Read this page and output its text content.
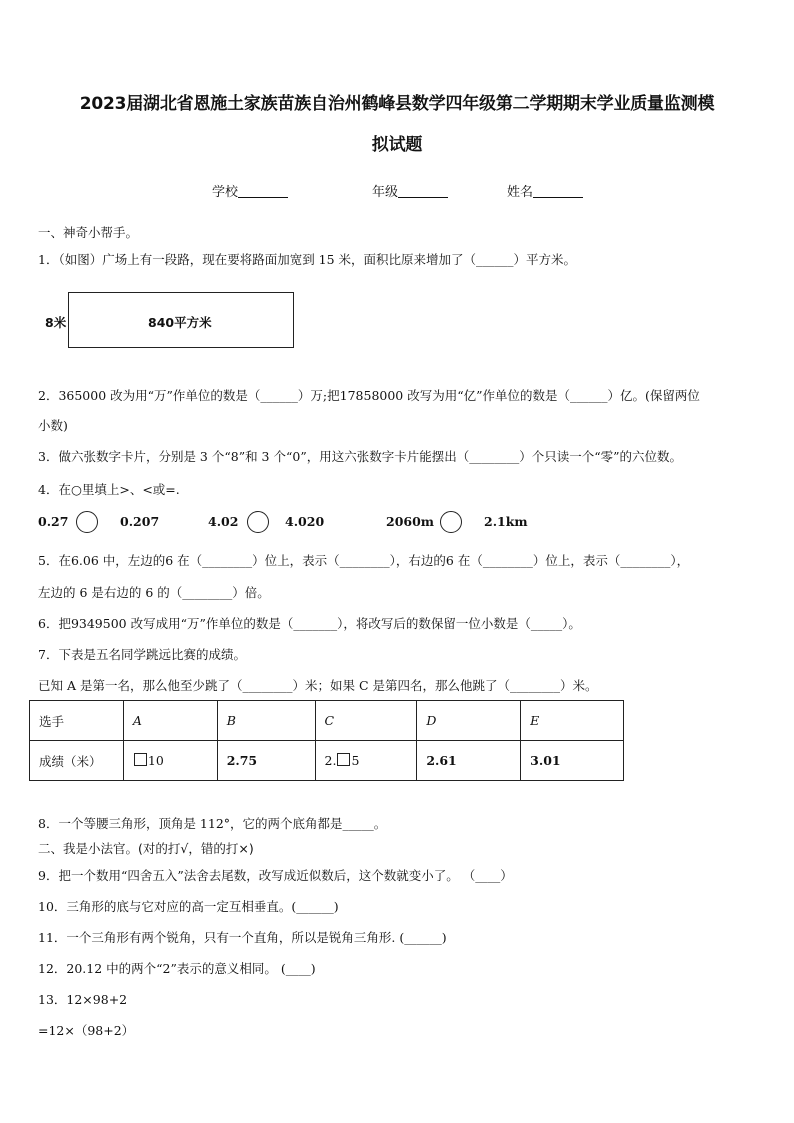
2023届湖北省恩施土家族苗族自治州鹤峰县数学四年级第二学期期末学业质量监测模
拟试题
学校	年级	姓名
一、神奇小帮手。
1．（如图）广场上有一段路，现在要将路面加宽到 15 米，面积比原来增加了（______）平方米。
8米	840平方米
2．365000 改为用“万”作单位的数是（______）万;把17858000 改写为用“亿”作单位的数是（______）亿。(保留两位
小数)
3．做六张数字卡片，分别是 3 个“8”和 3 个“0”，用这六张数字卡片能摆出（________）个只读一个“零”的六位数。
4．在○里填上>、<或=.
0.27	0.207	4.02	4.020	2060m	2.1km
5．在6.06 中，左边的6 在（________）位上，表示（________），右边的6 在（________）位上，表示（________），
左边的 6 是右边的 6 的（________）倍。
6．把9349500 改写成用“万”作单位的数是（_______），将改写后的数保留一位小数是（_____）。
7．下表是五名同学跳远比赛的成绩。
已知 A 是第一名，那么他至少跳了（________）米；如果 C 是第四名，那么他跳了（________）米。
选手	A	B	C	D	E
成绩（米）	10	2.75	2. 5	2.61	3.01
8．一个等腰三角形，顶角是 112°，它的两个底角都是_____。
二、我是小法官。(对的打√，错的打×)
9．把一个数用“四舍五入”法舍去尾数，改写成近似数后，这个数就变小了。 （____）
10．三角形的底与它对应的高一定互相垂直。(______)
11．一个三角形有两个锐角，只有一个直角，所以是锐角三角形. (______)
12．20.12 中的两个“2”表示的意义相同。 (____)
13．12×98+2
=12×（98+2）
